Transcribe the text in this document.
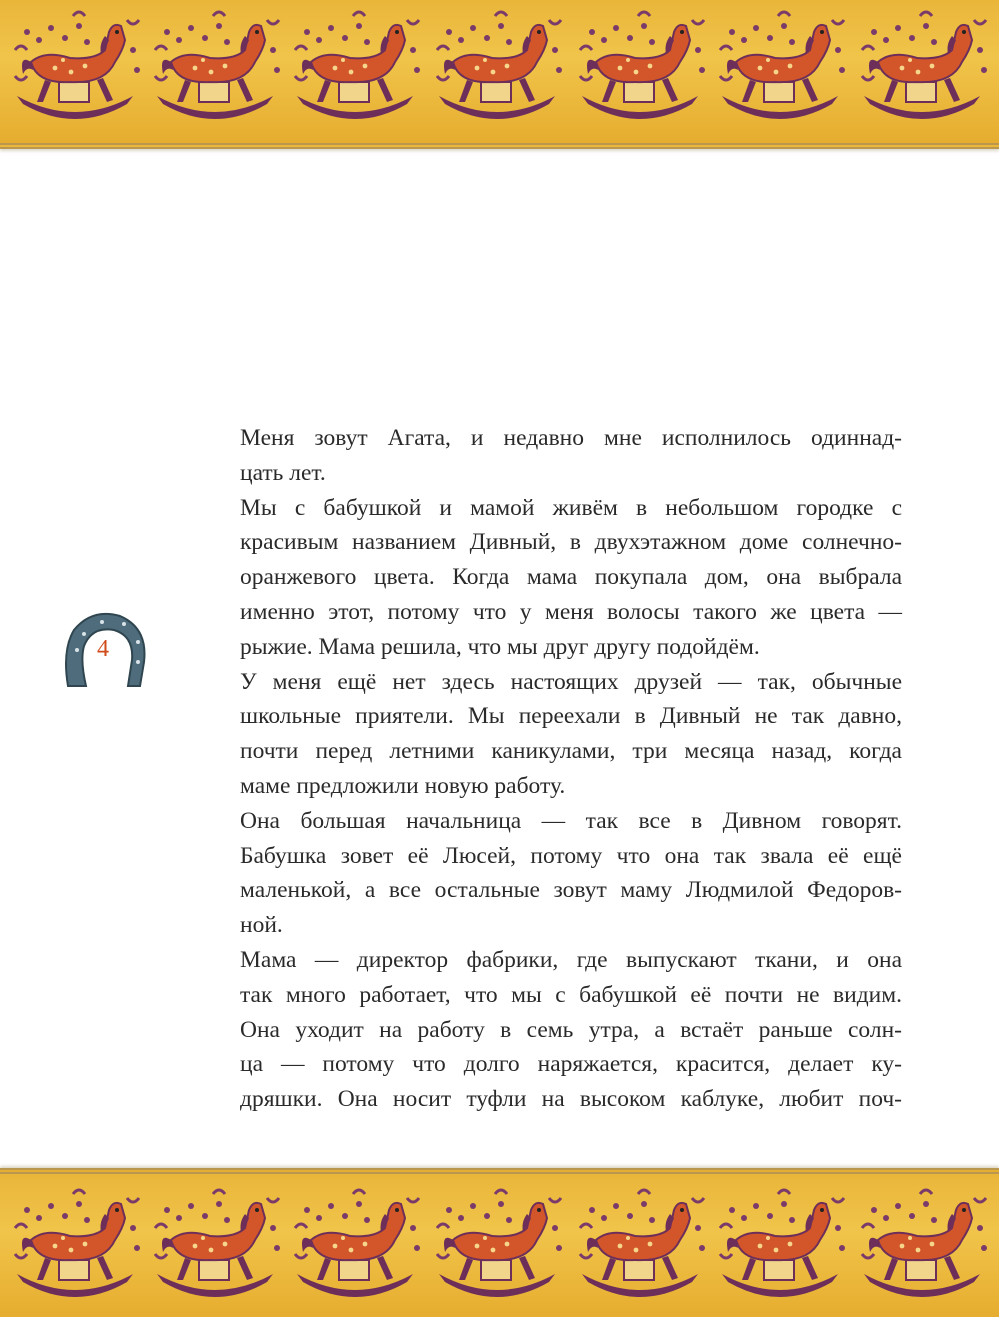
4

Меня зовут Агата, и недавно мне исполнилось одиннад-
цать лет.

Мы с бабушкой и мамой живём в небольшом городке с
красивым названием Дивный, в двухэтажном доме солнечно-
оранжевого цвета. Когда мама покупала дом, она выбрала
именно этот, потому что у меня волосы такого же цвета —
рыжие. Мама решила, что мы друг другу подойдём.

У меня ещё нет здесь настоящих друзей — так, обычные
школьные приятели. Мы переехали в Дивный не так давно,
почти перед летними каникулами, три месяца назад, когда
маме предложили новую работу.

Она большая начальница — так все в Дивном говорят.
Бабушка зовет её Люсей, потому что она так звала её ещё
маленькой, а все остальные зовут маму Людмилой Федоров-
ной.

Мама — директор фабрики, где выпускают ткани, и она
так много работает, что мы с бабушкой её почти не видим.
Она уходит на работу в семь утра, а встаёт раньше солн-
ца — потому что долго наряжается, красится, делает ку-
дряшки. Она носит туфли на высоком каблуке, любит поч-
